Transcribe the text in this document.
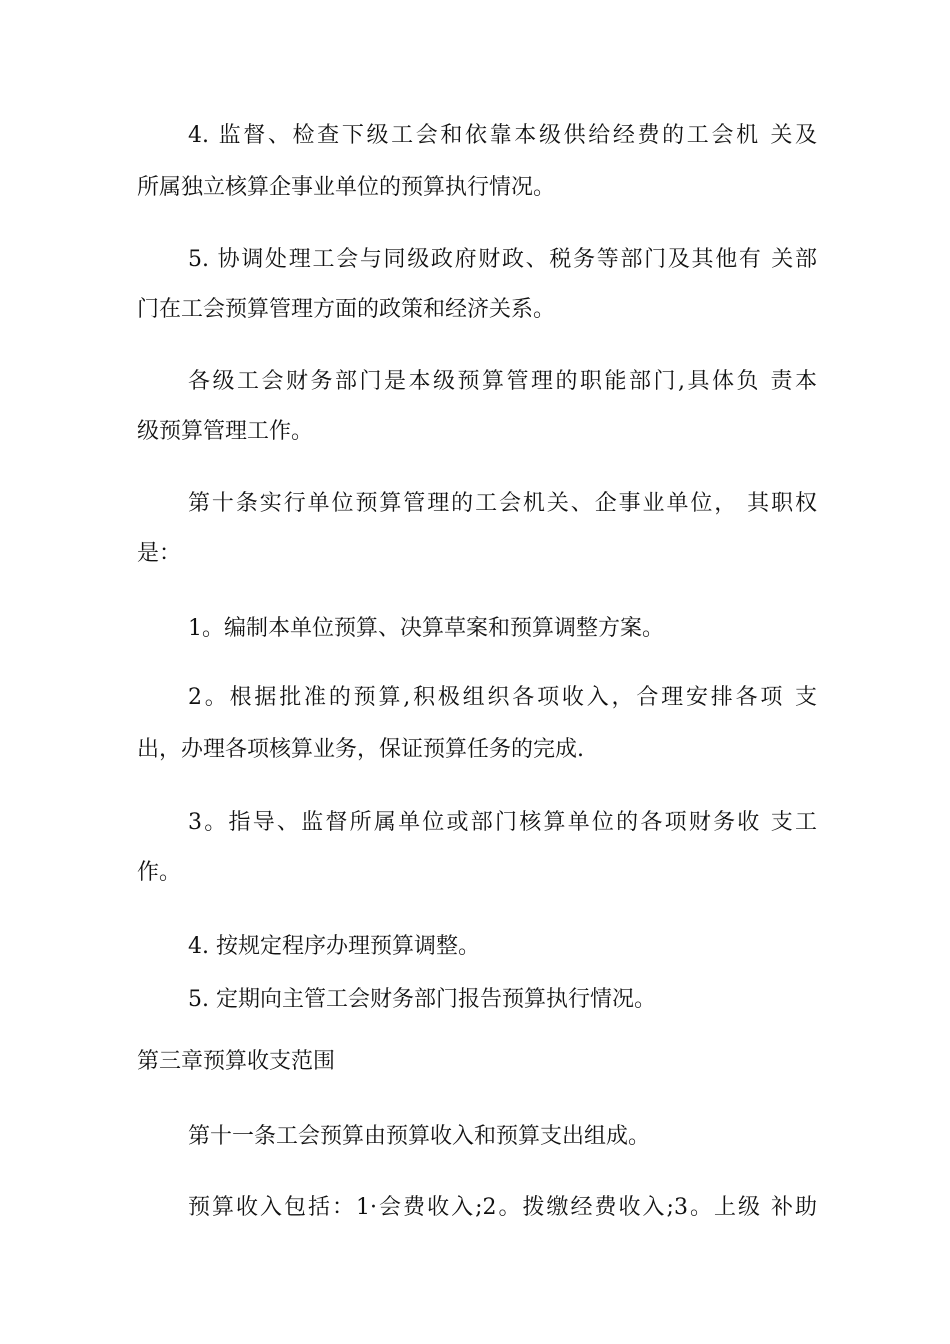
4. 监督、检查下级工会和依靠本级供给经费的工会机 关及
所属独立核算企事业单位的预算执行情况。
5. 协调处理工会与同级政府财政、税务等部门及其他有 关部
门在工会预算管理方面的政策和经济关系。
各级工会财务部门是本级预算管理的职能部门,具体负 责本
级预算管理工作。
第十条实行单位预算管理的工会机关、企事业单位， 其职权
是：
1。编制本单位预算、决算草案和预算调整方案。
2。根据批准的预算,积极组织各项收入，合理安排各项 支
出，办理各项核算业务，保证预算任务的完成.
3。指导、监督所属单位或部门核算单位的各项财务收 支工
作。
4. 按规定程序办理预算调整。
5. 定期向主管工会财务部门报告预算执行情况。
第三章预算收支范围
第十一条工会预算由预算收入和预算支出组成。
预算收入包括：1·会费收入;2。拨缴经费收入;3。上级 补助
